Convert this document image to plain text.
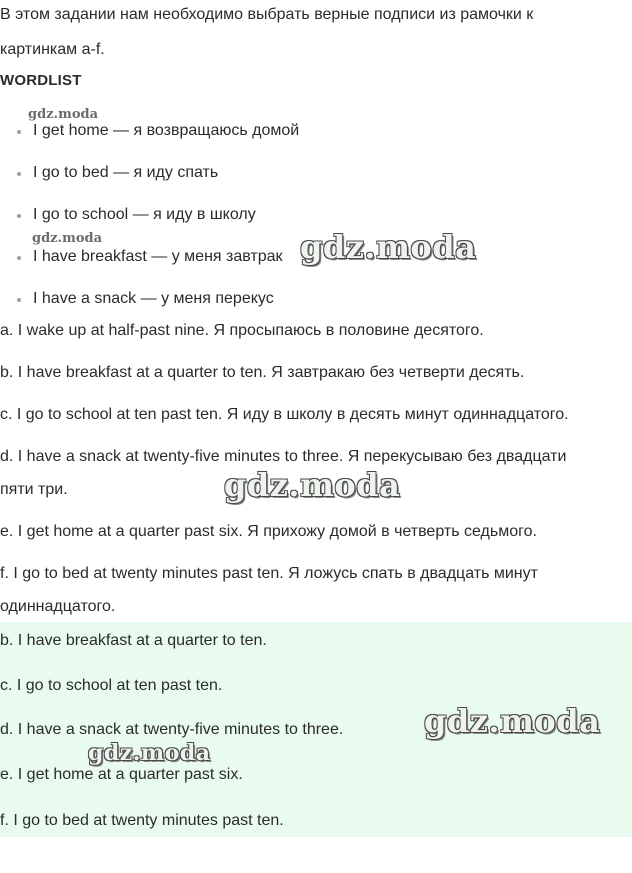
В этом задании нам необходимо выбрать верные подписи из рамочки к

картинкам a-f.

WORDLIST

I get home — я возвращаюсь домой

I go to bed — я иду спать

I go to school — я иду в школу

I have breakfast — у меня завтрак

I have a snack — у меня перекус

a. I wake up at half-past nine. Я просыпаюсь в половине десятого.

b. I have breakfast at a quarter to ten. Я завтракаю без четверти десять.

c. I go to school at ten past ten. Я иду в школу в десять минут одиннадцатого.

d. I have a snack at twenty-five minutes to three. Я перекусываю без двадцати

пяти три.

e. I get home at a quarter past six. Я прихожу домой в четверть седьмого.

f. I go to bed at twenty minutes past ten. Я ложусь спать в двадцать минут

одиннадцатого.

b. I have breakfast at a quarter to ten.

c. I go to school at ten past ten.

d. I have a snack at twenty-five minutes to three.

e. I get home at a quarter past six.

f. I go to bed at twenty minutes past ten.

gdz.moda
gdz.moda	gdz.moda
gdz.moda
gdz.moda
gdz.moda
